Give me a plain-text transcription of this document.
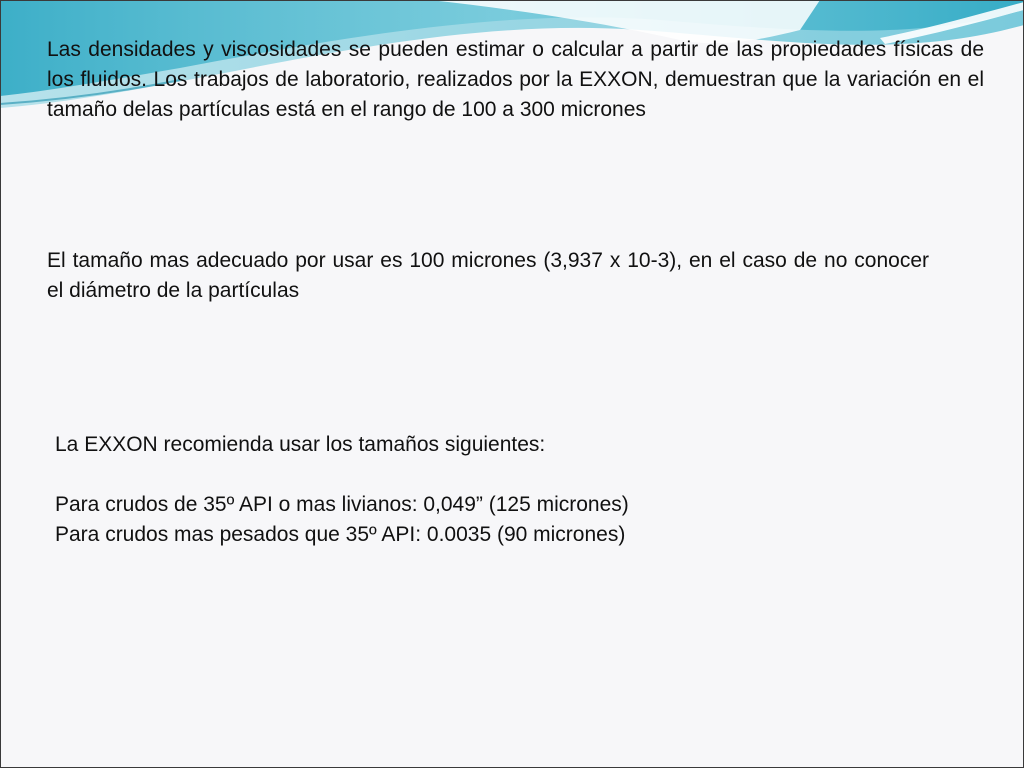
Las densidades y viscosidades se pueden estimar o calcular a partir de las propiedades físicas de los fluidos. Los trabajos de laboratorio, realizados por la EXXON, demuestran que la variación en el tamaño delas partículas está en el rango de 100 a 300 micrones

El tamaño mas adecuado por usar es 100 micrones (3,937 x 10-3), en el caso de no conocer el diámetro de la partículas

La EXXON recomienda usar los tamaños siguientes:
Para crudos de 35º API o mas livianos: 0,049” (125 micrones)
Para crudos mas pesados que 35º API: 0.0035 (90 micrones)
